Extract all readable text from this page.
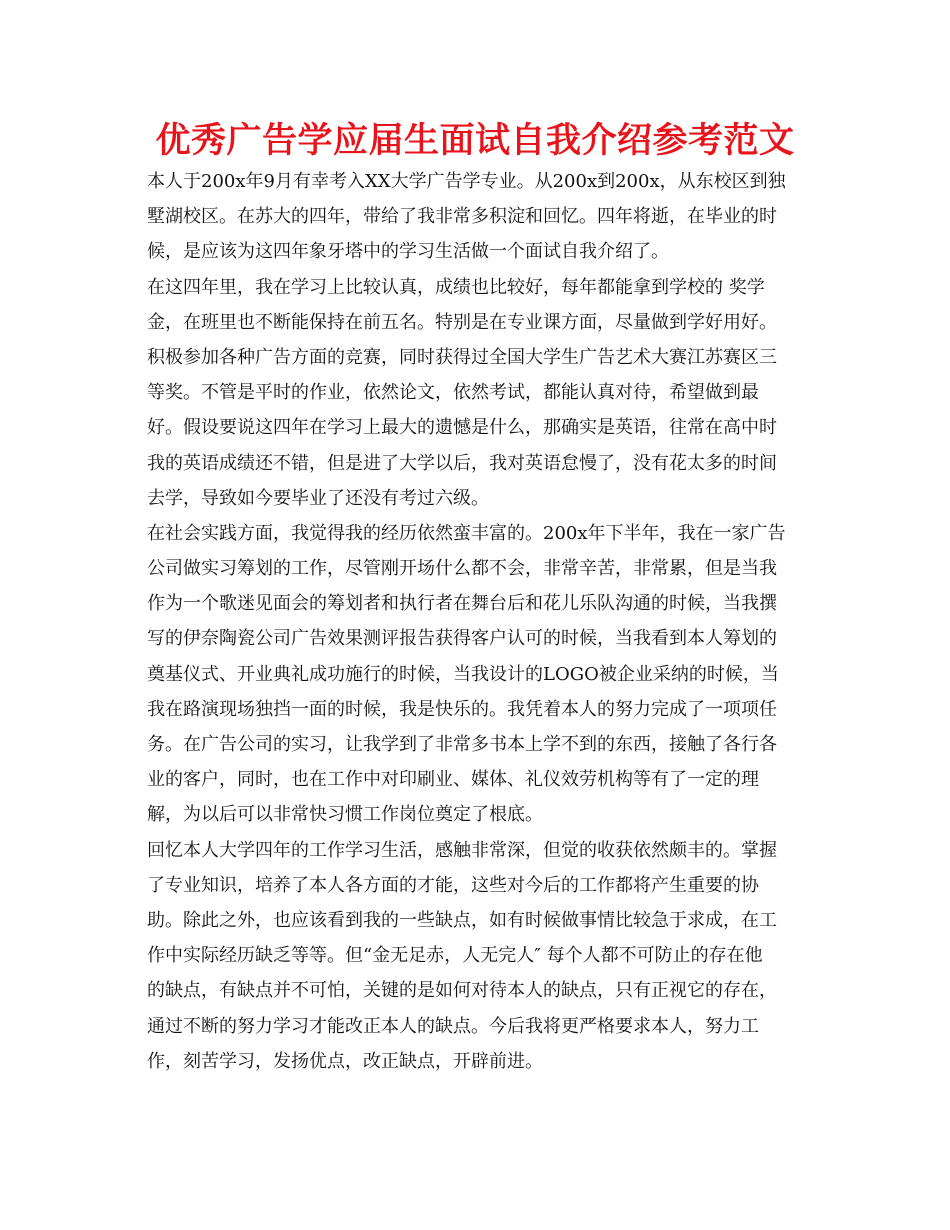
优秀广告学应届生面试自我介绍参考范文
本人于200x年9月有幸考入XX大学广告学专业。从200x到200x，从东校区到独
墅湖校区。在苏大的四年，带给了我非常多积淀和回忆。四年将逝，在毕业的时
候，是应该为这四年象牙塔中的学习生活做一个面试自我介绍了。
在这四年里，我在学习上比较认真，成绩也比较好，每年都能拿到学校的 奖学
金，在班里也不断能保持在前五名。特别是在专业课方面，尽量做到学好用好。
积极参加各种广告方面的竞赛，同时获得过全国大学生广告艺术大赛江苏赛区三
等奖。不管是平时的作业，依然论文，依然考试，都能认真对待，希望做到最
好。假设要说这四年在学习上最大的遗憾是什么，那确实是英语，往常在高中时
我的英语成绩还不错，但是进了大学以后，我对英语怠慢了，没有花太多的时间
去学，导致如今要毕业了还没有考过六级。
在社会实践方面，我觉得我的经历依然蛮丰富的。200x年下半年，我在一家广告
公司做实习筹划的工作，尽管刚开场什么都不会，非常辛苦，非常累，但是当我
作为一个歌迷见面会的筹划者和执行者在舞台后和花儿乐队沟通的时候，当我撰
写的伊奈陶瓷公司广告效果测评报告获得客户认可的时候，当我看到本人筹划的
奠基仪式、开业典礼成功施行的时候，当我设计的LOGO被企业采纳的时候，当
我在路演现场独挡一面的时候，我是快乐的。我凭着本人的努力完成了一项项任
务。在广告公司的实习，让我学到了非常多书本上学不到的东西，接触了各行各
业的客户，同时，也在工作中对印刷业、媒体、礼仪效劳机构等有了一定的理
解，为以后可以非常快习惯工作岗位奠定了根底。
回忆本人大学四年的工作学习生活，感触非常深，但觉的收获依然颇丰的。掌握
了专业知识，培养了本人各方面的才能，这些对今后的工作都将产生重要的协
助。除此之外，也应该看到我的一些缺点，如有时候做事情比较急于求成，在工
作中实际经历缺乏等等。但“金无足赤，人无完人″ 每个人都不可防止的存在他
的缺点，有缺点并不可怕，关键的是如何对待本人的缺点，只有正视它的存在，
通过不断的努力学习才能改正本人的缺点。今后我将更严格要求本人，努力工
作，刻苦学习，发扬优点，改正缺点，开辟前进。
